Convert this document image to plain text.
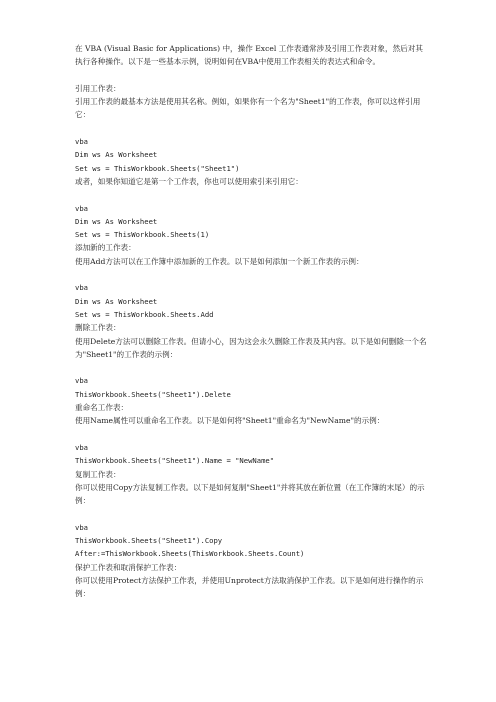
在 VBA (Visual Basic for Applications) 中，操作 Excel 工作表通常涉及引用工作表对象，然后对其执行各种操作。以下是一些基本示例，说明如何在VBA中使用工作表相关的表达式和命令。

引用工作表：

引用工作表的最基本方法是使用其名称。例如，如果你有一个名为"Sheet1"的工作表，你可以这样引用它：

vba

Dim ws As Worksheet

Set ws = ThisWorkbook.Sheets("Sheet1")

或者，如果你知道它是第一个工作表，你也可以使用索引来引用它：

vba

Dim ws As Worksheet

Set ws = ThisWorkbook.Sheets(1)

添加新的工作表：

使用Add方法可以在工作簿中添加新的工作表。以下是如何添加一个新工作表的示例：

vba

Dim ws As Worksheet

Set ws = ThisWorkbook.Sheets.Add

删除工作表：

使用Delete方法可以删除工作表。但请小心，因为这会永久删除工作表及其内容。以下是如何删除一个名为"Sheet1"的工作表的示例：

vba

ThisWorkbook.Sheets("Sheet1").Delete

重命名工作表：

使用Name属性可以重命名工作表。以下是如何将"Sheet1"重命名为"NewName"的示例：

vba

ThisWorkbook.Sheets("Sheet1").Name = "NewName"

复制工作表：

你可以使用Copy方法复制工作表。以下是如何复制"Sheet1"并将其放在新位置（在工作簿的末尾）的示例：

vba

ThisWorkbook.Sheets("Sheet1").Copy

After:=ThisWorkbook.Sheets(ThisWorkbook.Sheets.Count)

保护工作表和取消保护工作表：

你可以使用Protect方法保护工作表，并使用Unprotect方法取消保护工作表。以下是如何进行操作的示例：
